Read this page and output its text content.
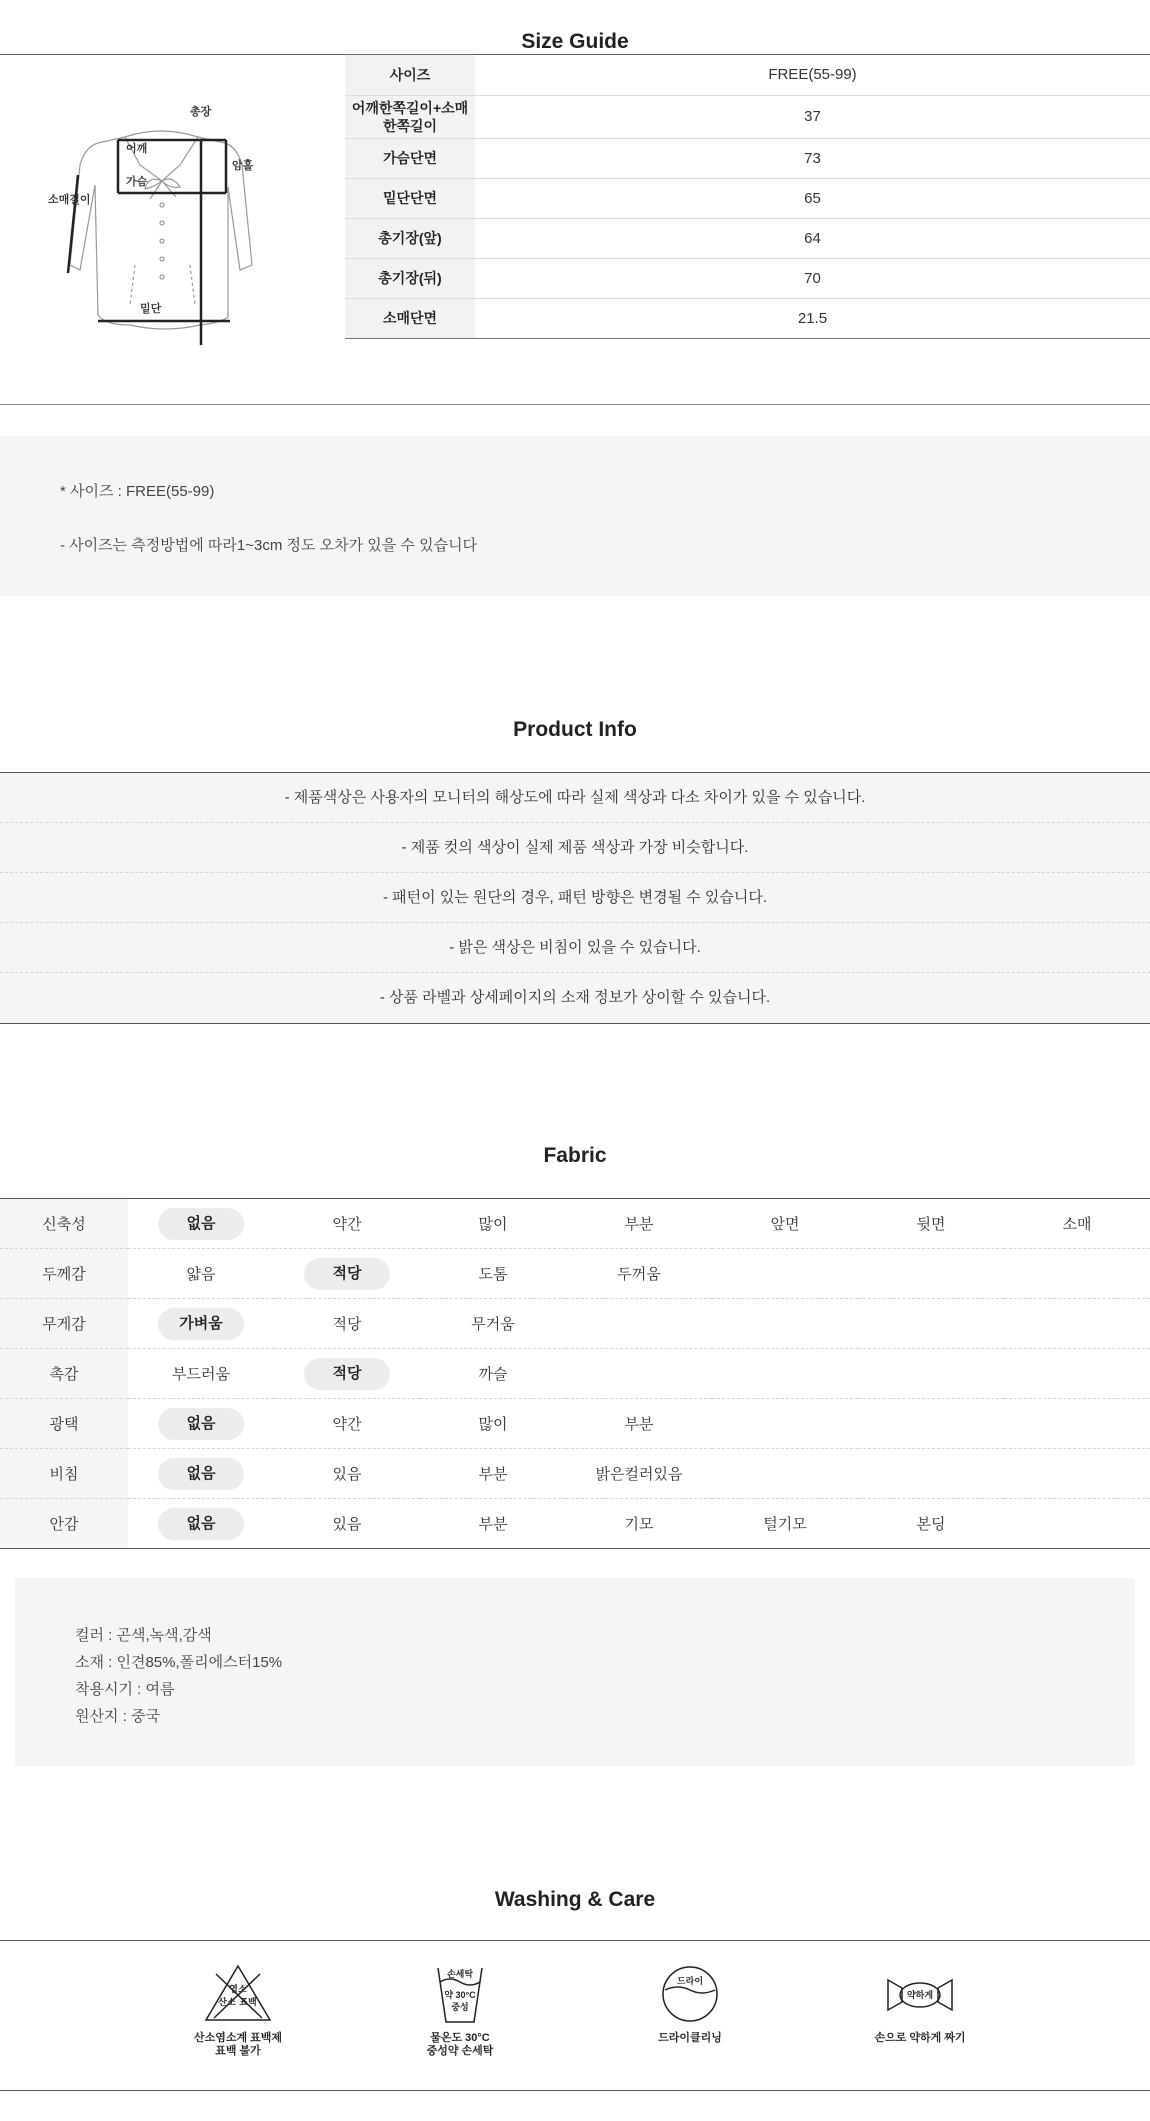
Size Guide
총장
어깨
암홀
가슴
소매길이
밑단
사이즈	FREE(55-99)
어깨한쪽길이+소매
한쪽길이	37
가슴단면	73
밑단단면	65
총기장(앞)	64
총기장(뒤)	70
소매단면	21.5

* 사이즈 : FREE(55-99)

- 사이즈는 측정방법에 따라1~3cm 정도 오차가 있을 수 있습니다

Product Info
- 제품색상은 사용자의 모니터의 해상도에 따라 실제 색상과 다소 차이가 있을 수 있습니다.
- 제품 컷의 색상이 실제 제품 색상과 가장 비슷합니다.
- 패턴이 있는 원단의 경우, 패턴 방향은 변경될 수 있습니다.
- 밝은 색상은 비침이 있을 수 있습니다.
- 상품 라벨과 상세페이지의 소재 정보가 상이할 수 있습니다.
Fabric
신축성	없음	약간	많이	부분	앞면	뒷면	소매
두께감	얇음	적당	도톰	두꺼움			
무게감	가벼움	적당	무거움				
촉감	부드러움	적당	까슬				
광택	없음	약간	많이	부분			
비침	없음	있음	부분	밝은컬러있음			
안감	없음	있음	부분	기모	털기모	본딩	

컬러 : 곤색,녹색,감색

소재 : 인견85%,폴리에스터15%

착용시기 : 여름

원산지 : 중국

Washing & Care
염소
산소 표백
산소염소계 표백제
표백 불가
손세탁
약 30°C
중성
물온도 30°C
중성약 손세탁
드라이
드라이클리닝
약하게
손으로 약하게 짜기
